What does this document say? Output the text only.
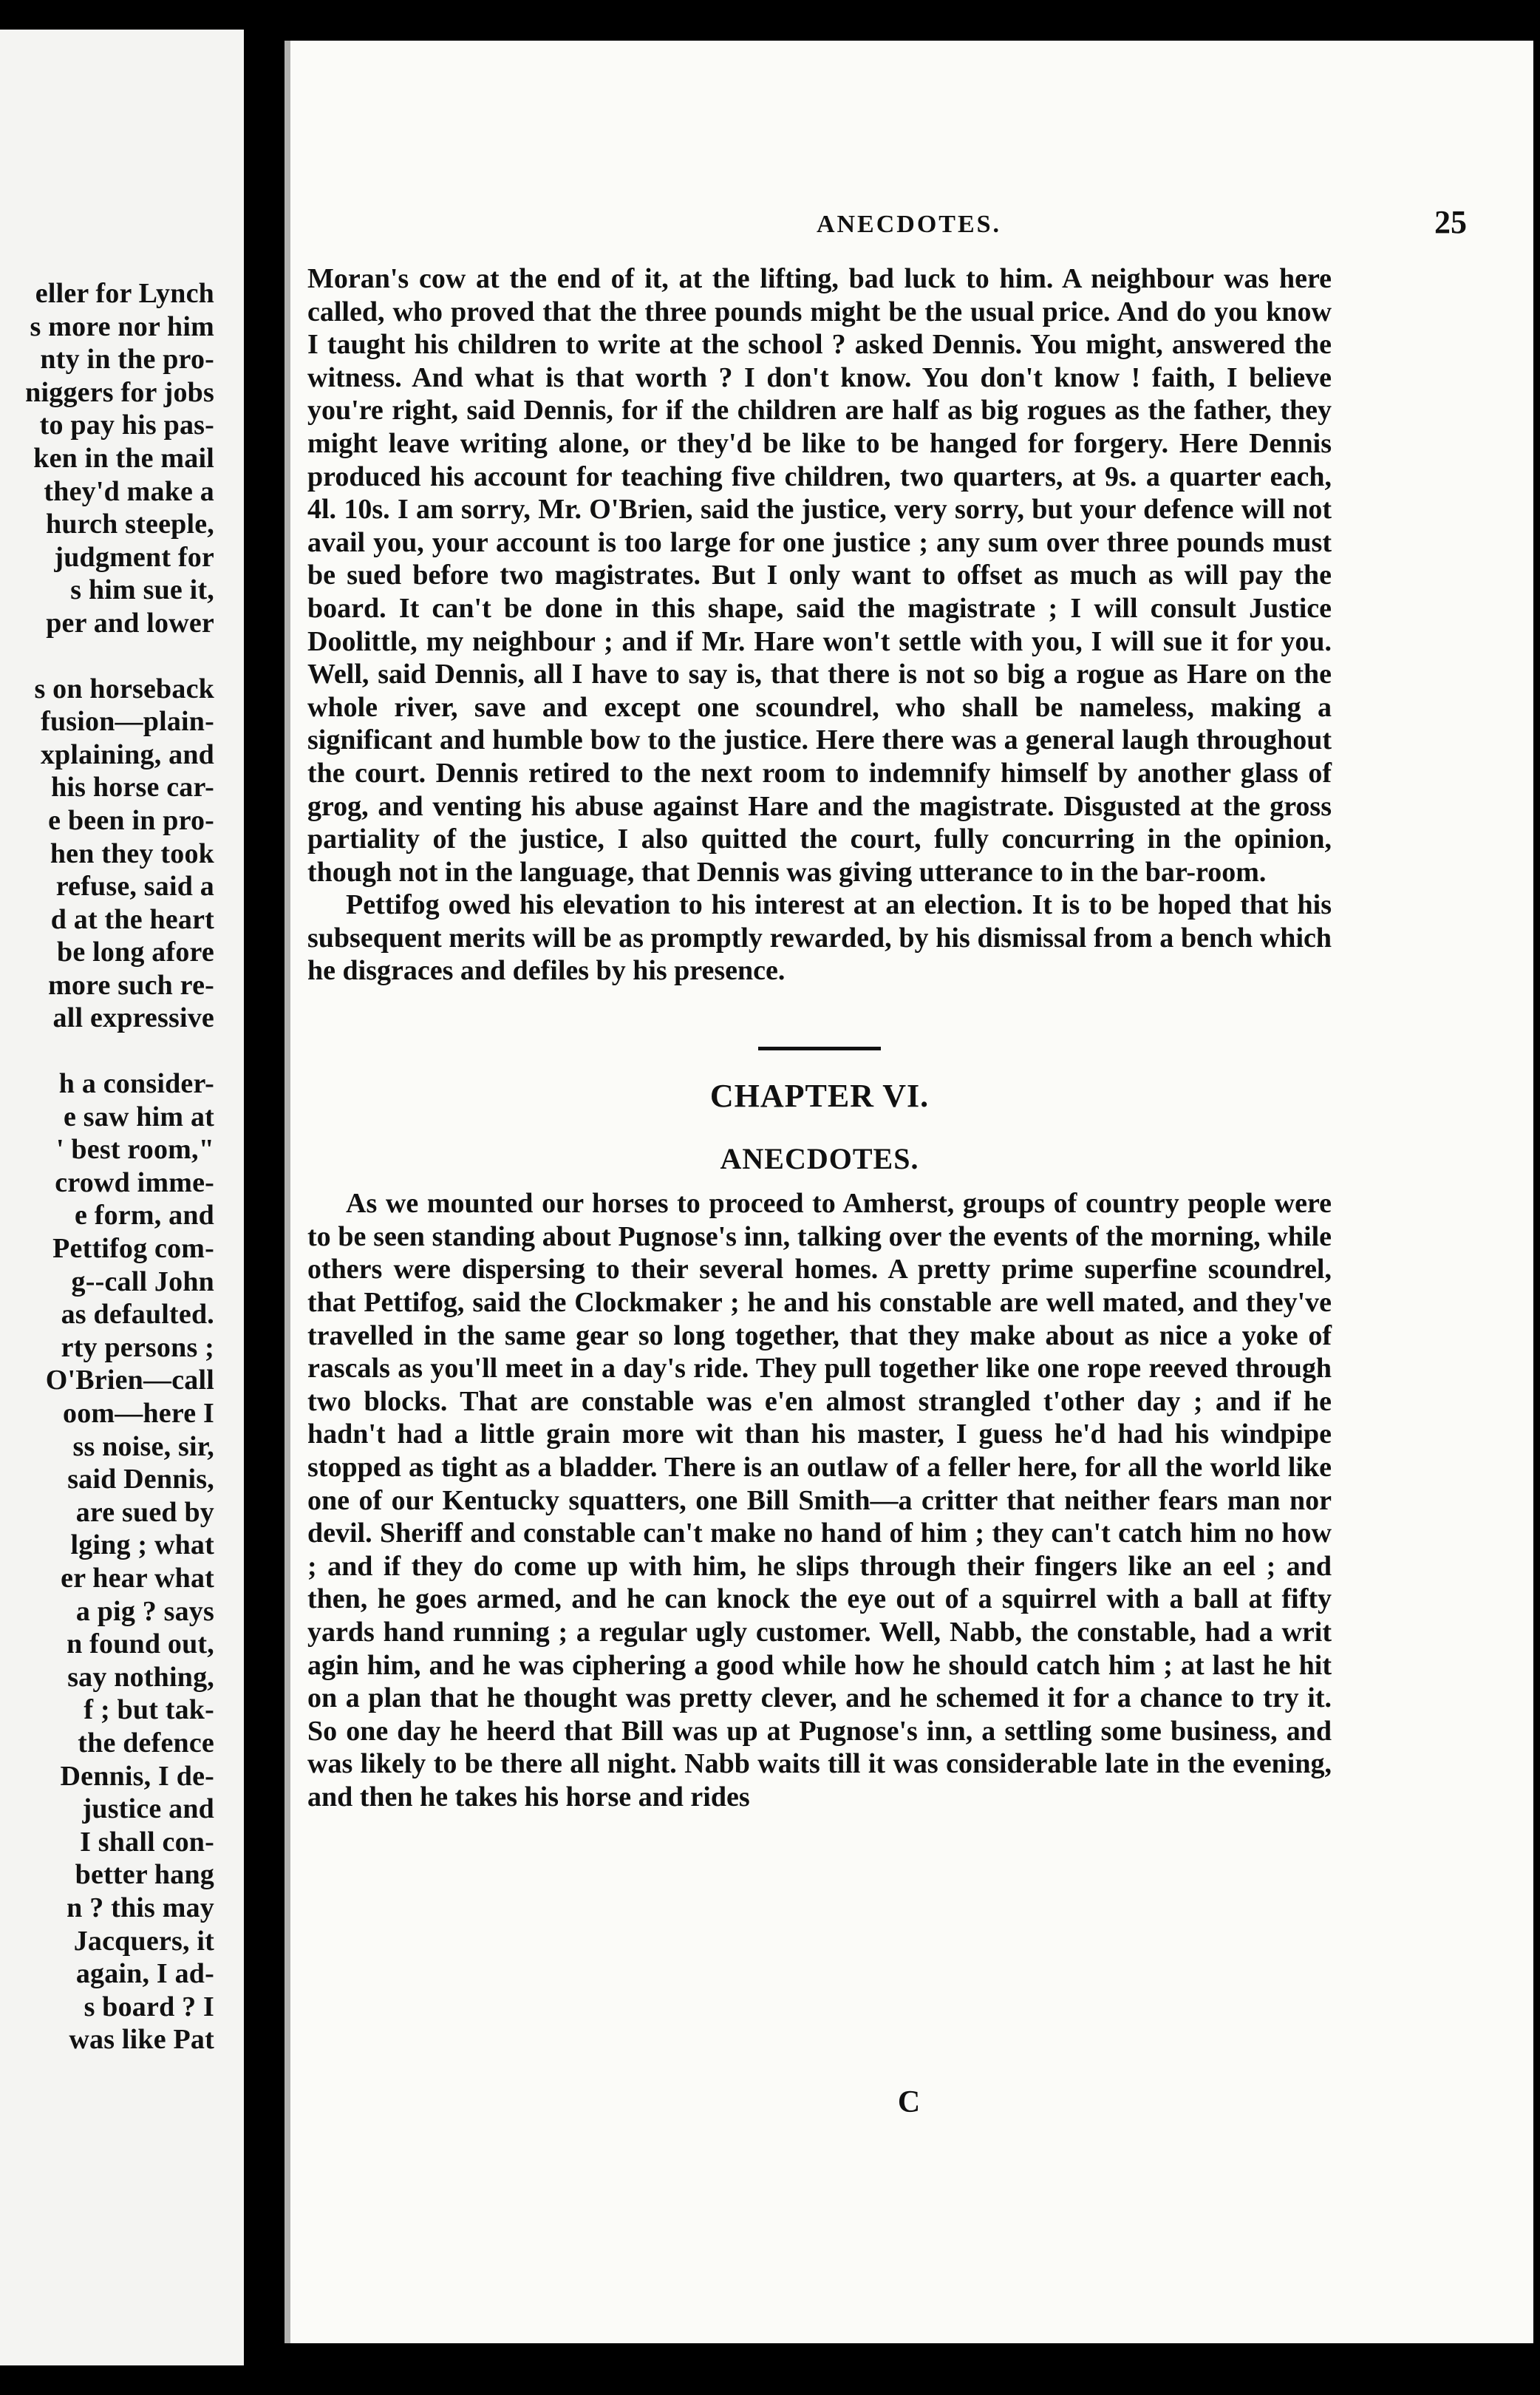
eller for Lynch
s more nor him
nty in the pro-
niggers for jobs
to pay his pas-
ken in the mail
they'd make a
hurch steeple,
judgment for
s him sue it,
per and lower
s on horseback
fusion—plain-
xplaining, and
his horse car-
e been in pro-
hen they took
refuse, said a
d at the heart
be long afore
more such re-
all expressive
h a consider-
e saw him at
' best room,"
crowd imme-
e form, and
Pettifog com-
g--call John
as defaulted.
rty persons ;
O'Brien—call
oom—here I
ss noise, sir,
said Dennis,
are sued by
lging ; what
er hear what
a pig ? says
n found out,
say nothing,
f ; but tak-
the defence
Dennis, I de-
justice and
I shall con-
better hang
n ? this may
Jacquers, it
again, I ad-
s board ? I
was like Pat
ANECDOTES.	25

Moran's cow at the end of it, at the lifting, bad luck to him. A neighbour was here called, who proved that the three pounds might be the usual price. And do you know I taught his children to write at the school ? asked Dennis. You might, answered the witness. And what is that worth ? I don't know. You don't know ! faith, I believe you're right, said Dennis, for if the children are half as big rogues as the father, they might leave writing alone, or they'd be like to be hanged for forgery. Here Dennis produced his account for teaching five children, two quarters, at 9s. a quarter each, 4l. 10s. I am sorry, Mr. O'Brien, said the justice, very sorry, but your defence will not avail you, your account is too large for one justice ; any sum over three pounds must be sued before two magistrates. But I only want to offset as much as will pay the board. It can't be done in this shape, said the magistrate ; I will consult Justice Doolittle, my neighbour ; and if Mr. Hare won't settle with you, I will sue it for you. Well, said Dennis, all I have to say is, that there is not so big a rogue as Hare on the whole river, save and except one scoundrel, who shall be nameless, making a significant and humble bow to the justice. Here there was a general laugh throughout the court. Dennis retired to the next room to indemnify himself by another glass of grog, and venting his abuse against Hare and the magistrate. Disgusted at the gross partiality of the justice, I also quitted the court, fully concurring in the opinion, though not in the language, that Dennis was giving utterance to in the bar-room.

Pettifog owed his elevation to his interest at an election. It is to be hoped that his subsequent merits will be as promptly rewarded, by his dismissal from a bench which he disgraces and defiles by his presence.

CHAPTER VI.

ANECDOTES.

As we mounted our horses to proceed to Amherst, groups of country people were to be seen standing about Pugnose's inn, talking over the events of the morning, while others were dispersing to their several homes. A pretty prime superfine scoundrel, that Pettifog, said the Clockmaker ; he and his constable are well mated, and they've travelled in the same gear so long together, that they make about as nice a yoke of rascals as you'll meet in a day's ride. They pull together like one rope reeved through two blocks. That are constable was e'en almost strangled t'other day ; and if he hadn't had a little grain more wit than his master, I guess he'd had his windpipe stopped as tight as a bladder. There is an outlaw of a feller here, for all the world like one of our Kentucky squatters, one Bill Smith—a critter that neither fears man nor devil. Sheriff and constable can't make no hand of him ; they can't catch him no how ; and if they do come up with him, he slips through their fingers like an eel ; and then, he goes armed, and he can knock the eye out of a squirrel with a ball at fifty yards hand running ; a regular ugly customer. Well, Nabb, the constable, had a writ agin him, and he was ciphering a good while how he should catch him ; at last he hit on a plan that he thought was pretty clever, and he schemed it for a chance to try it. So one day he heerd that Bill was up at Pugnose's inn, a settling some business, and was likely to be there all night. Nabb waits till it was considerable late in the evening, and then he takes his horse and rides

C
